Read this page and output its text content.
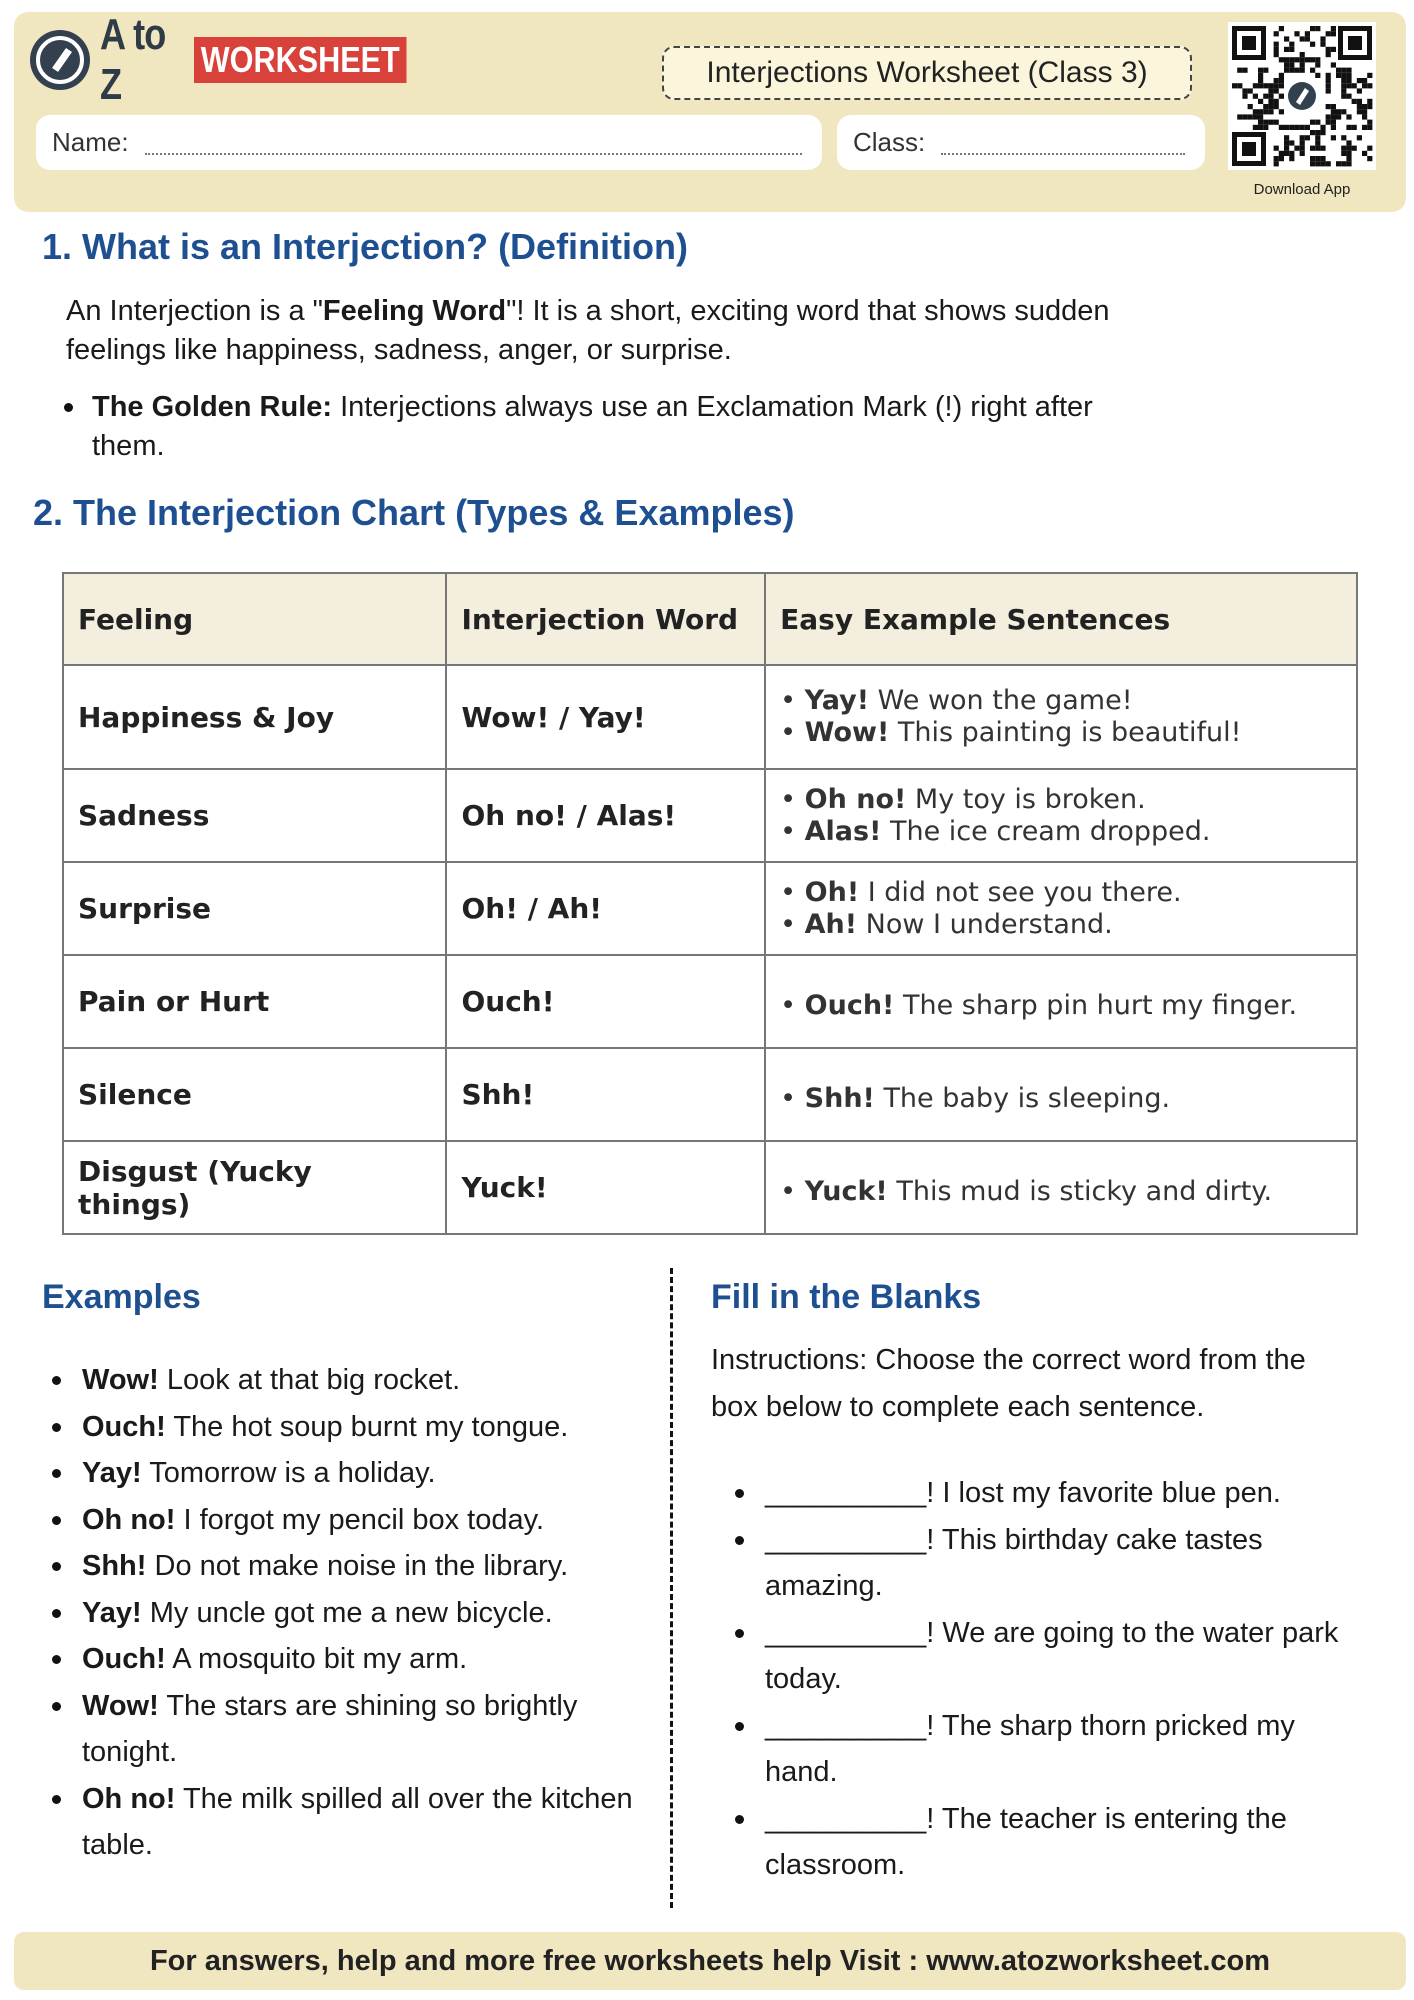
A to Z
WORKSHEET	Interjections Worksheet (Class 3)
Name:	Class:
Download App
1. What is an Interjection? (Definition)
An Interjection is a "Feeling Word"! It is a short, exciting word that shows sudden feelings like happiness, sadness, anger, or surprise.
The Golden Rule: Interjections always use an Exclamation Mark (!) right after them.
2. The Interjection Chart (Types & Examples)
Feeling	Interjection Word	Easy Example Sentences
Happiness & Joy	Wow! / Yay!	• Yay! We won the game!
• Wow! This painting is beautiful!

Sadness	Oh no! / Alas!	• Oh no! My toy is broken.
• Alas! The ice cream dropped.

Surprise	Oh! / Ah!	• Oh! I did not see you there.
• Ah! Now I understand.

Pain or Hurt	Ouch!	• Ouch! The sharp pin hurt my finger.

Silence	Shh!	• Shh! The baby is sleeping.

Disgust (Yucky things)	Yuck!	• Yuck! This mud is sticky and dirty.
Examples
Wow! Look at that big rocket.
Ouch! The hot soup burnt my tongue.
Yay! Tomorrow is a holiday.
Oh no! I forgot my pencil box today.
Shh! Do not make noise in the library.
Yay! My uncle got me a new bicycle.
Ouch! A mosquito bit my arm.
Wow! The stars are shining so brightly tonight.
Oh no! The milk spilled all over the kitchen table.
Fill in the Blanks
Instructions: Choose the correct word from the box below to complete each sentence.
__________! I lost my favorite blue pen.
__________! This birthday cake tastes amazing.
__________! We are going to the water park today.
__________! The sharp thorn pricked my hand.
__________! The teacher is entering the classroom.
For answers, help and more free worksheets help Visit : www.atozworksheet.com
